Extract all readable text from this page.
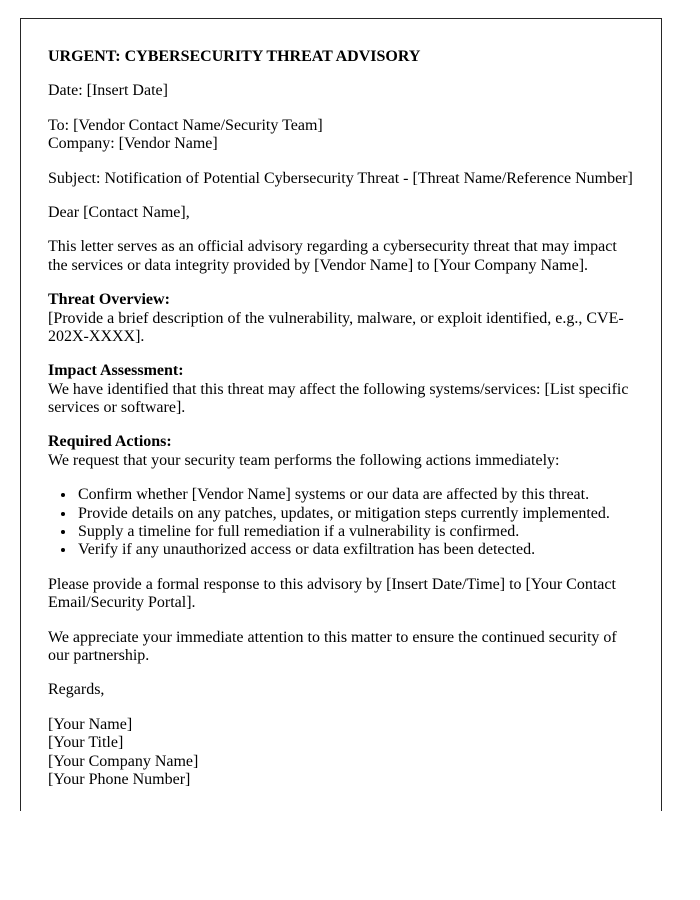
URGENT: CYBERSECURITY THREAT ADVISORY

Date: [Insert Date]

To: [Vendor Contact Name/Security Team]
Company: [Vendor Name]

Subject: Notification of Potential Cybersecurity Threat - [Threat Name/Reference Number]

Dear [Contact Name],

This letter serves as an official advisory regarding a cybersecurity threat that may impact the services or data integrity provided by [Vendor Name] to [Your Company Name].

Threat Overview:
[Provide a brief description of the vulnerability, malware, or exploit identified, e.g., CVE-202X-XXXX].

Impact Assessment:
We have identified that this threat may affect the following systems/services: [List specific services or software].

Required Actions:
We request that your security team performs the following actions immediately:

• Confirm whether [Vendor Name] systems or our data are affected by this threat.
• Provide details on any patches, updates, or mitigation steps currently implemented.
• Supply a timeline for full remediation if a vulnerability is confirmed.
• Verify if any unauthorized access or data exfiltration has been detected.

Please provide a formal response to this advisory by [Insert Date/Time] to [Your Contact Email/Security Portal].

We appreciate your immediate attention to this matter to ensure the continued security of our partnership.

Regards,

[Your Name]
[Your Title]
[Your Company Name]
[Your Phone Number]
